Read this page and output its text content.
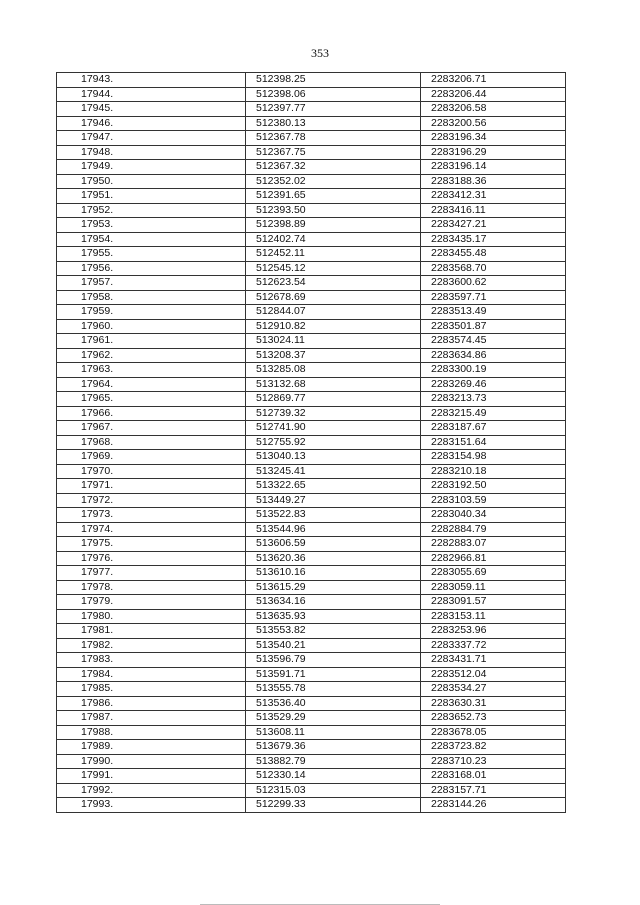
353
17943.	512398.25	2283206.71
17944.	512398.06	2283206.44
17945.	512397.77	2283206.58
17946.	512380.13	2283200.56
17947.	512367.78	2283196.34
17948.	512367.75	2283196.29
17949.	512367.32	2283196.14
17950.	512352.02	2283188.36
17951.	512391.65	2283412.31
17952.	512393.50	2283416.11
17953.	512398.89	2283427.21
17954.	512402.74	2283435.17
17955.	512452.11	2283455.48
17956.	512545.12	2283568.70
17957.	512623.54	2283600.62
17958.	512678.69	2283597.71
17959.	512844.07	2283513.49
17960.	512910.82	2283501.87
17961.	513024.11	2283574.45
17962.	513208.37	2283634.86
17963.	513285.08	2283300.19
17964.	513132.68	2283269.46
17965.	512869.77	2283213.73
17966.	512739.32	2283215.49
17967.	512741.90	2283187.67
17968.	512755.92	2283151.64
17969.	513040.13	2283154.98
17970.	513245.41	2283210.18
17971.	513322.65	2283192.50
17972.	513449.27	2283103.59
17973.	513522.83	2283040.34
17974.	513544.96	2282884.79
17975.	513606.59	2282883.07
17976.	513620.36	2282966.81
17977.	513610.16	2283055.69
17978.	513615.29	2283059.11
17979.	513634.16	2283091.57
17980.	513635.93	2283153.11
17981.	513553.82	2283253.96
17982.	513540.21	2283337.72
17983.	513596.79	2283431.71
17984.	513591.71	2283512.04
17985.	513555.78	2283534.27
17986.	513536.40	2283630.31
17987.	513529.29	2283652.73
17988.	513608.11	2283678.05
17989.	513679.36	2283723.82
17990.	513882.79	2283710.23
17991.	512330.14	2283168.01
17992.	512315.03	2283157.71
17993.	512299.33	2283144.26
